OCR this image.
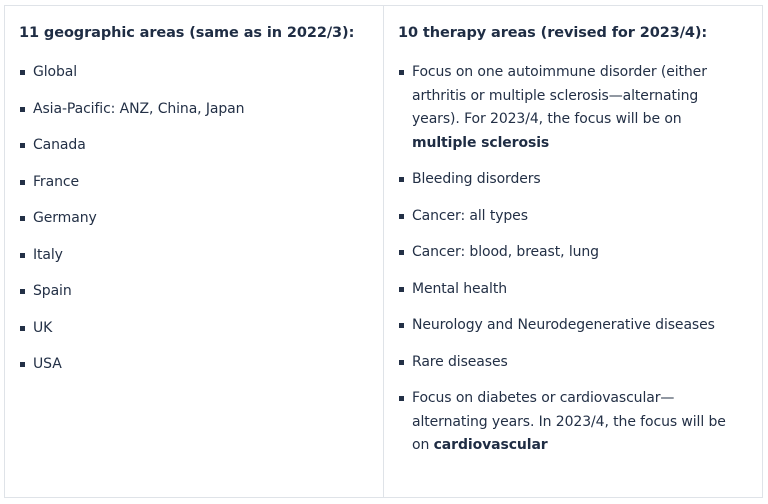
11 geographic areas (same as in 2022/3):
Global
Asia-Pacific: ANZ, China, Japan
Canada
France
Germany
Italy
Spain
UK
USA
10 therapy areas (revised for 2023/4):
Focus on one autoimmune disorder (either arthritis or multiple sclerosis—alternating years). For 2023/4, the focus will be on multiple sclerosis
Bleeding disorders
Cancer: all types
Cancer: blood, breast, lung
Mental health
Neurology and Neurodegenerative diseases
Rare diseases
Focus on diabetes or cardiovascular— alternating years. In 2023/4, the focus will be on cardiovascular
